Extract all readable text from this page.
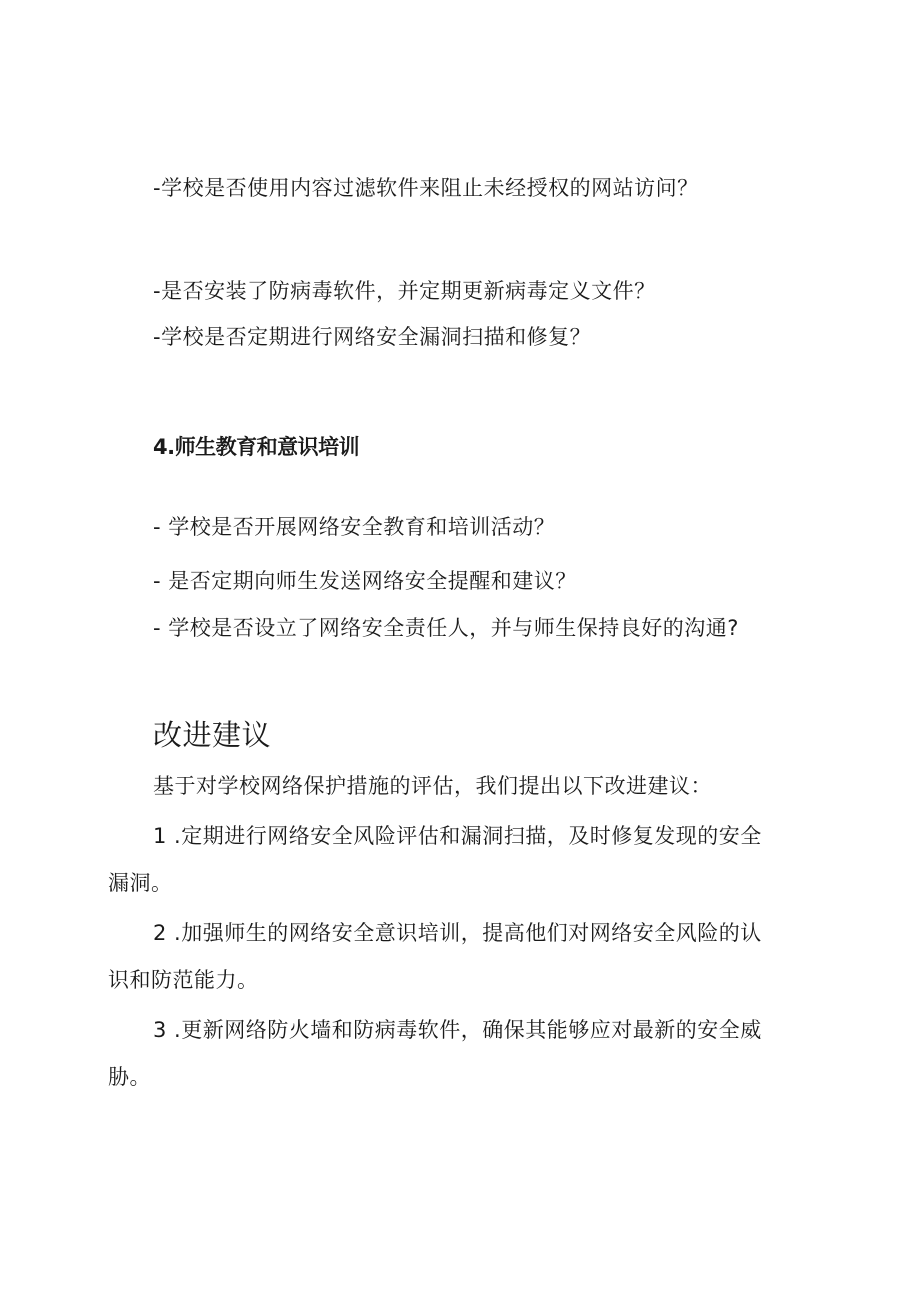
-学校是否使用内容过滤软件来阻止未经授权的网站访问？
-是否安装了防病毒软件，并定期更新病毒定义文件？
-学校是否定期进行网络安全漏洞扫描和修复？
4.师生教育和意识培训
- 学校是否开展网络安全教育和培训活动？
- 是否定期向师生发送网络安全提醒和建议？
- 学校是否设立了网络安全责任人，并与师生保持良好的沟通?
改进建议
基于对学校网络保护措施的评估，我们提出以下改进建议：
1 .定期进行网络安全风险评估和漏洞扫描，及时修复发现的安全
漏洞。
2 .加强师生的网络安全意识培训，提高他们对网络安全风险的认
识和防范能力。
3 .更新网络防火墙和防病毒软件，确保其能够应对最新的安全威
胁。
